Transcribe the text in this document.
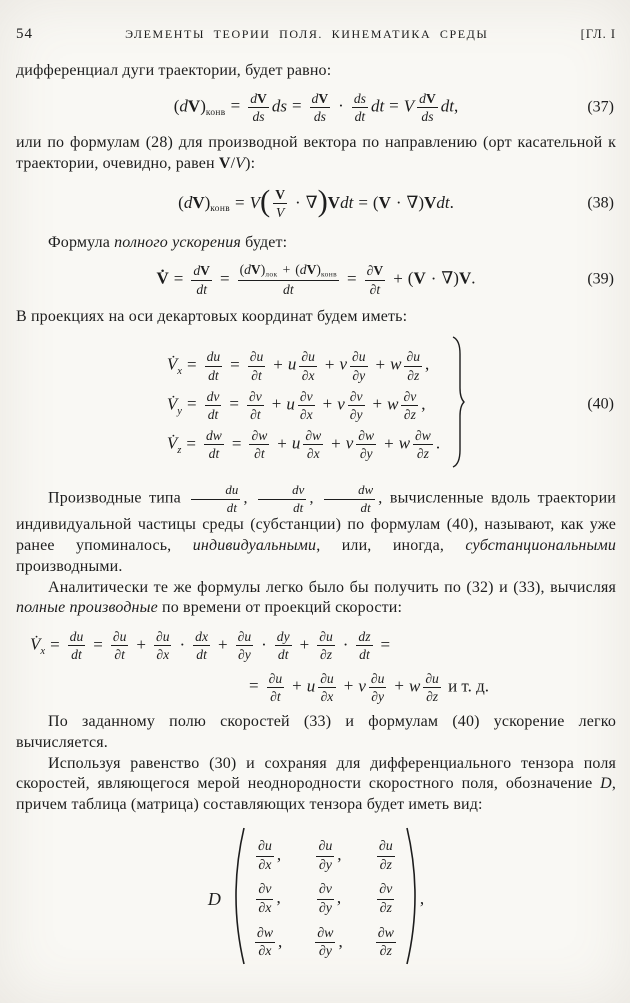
54	ЭЛЕМЕНТЫ ТЕОРИИ ПОЛЯ. КИНЕМАТИКА СРЕДЫ	[ГЛ. I

дифференциал дуги траектории, будет равно:

(dV)конв = $\frac{dV}{ds}$ ds = $\frac{dV}{ds} \cdot \frac{ds}{dt}$ dt = V $\frac{dV}{ds}$ dt,	(37)

или по формулам (28) для производной вектора по направлению (орт касательной к траектории, очевидно, равен V/V):

(dV)конв = $V( \frac{V}{V} \cdot \nabla)Vdt = (V \cdot \nabla)Vdt$.	(38)

Формула полного ускорения будет:

V̇ = $\frac{dV}{dt} = \frac{\text{(dV)лок + (dV)конв}}{dt} = \frac{\partial V}{\partial t} + (V \cdot \nabla)V$.	(39)

В проекциях на оси декартовых координат будем иметь:

$V̇_x = \frac{du}{dt} = \frac{\partial u}{\partial t} + u \frac{\partial u}{\partial x} + v \frac{\partial u}{\partial y} + w \frac{\partial u}{\partial z}$ ,
$V̇_y = \frac{dv}{dt} = \frac{\partial v}{\partial t} + u \frac{\partial v}{\partial x} + v \frac{\partial v}{\partial y} + w \frac{\partial v}{\partial z}$ ,
$V̇_z = \frac{dw}{dt} = \frac{\partial w}{\partial t} + u \frac{\partial w}{\partial x} + v \frac{\partial w}{\partial y} + w \frac{\partial w}{\partial z}$ .
(40)

Производные типа $\frac{du}{dt}$ , $\frac{dv}{dt}$ , $\frac{dw}{dt}$ , вычисленные вдоль траектории индивидуальной частицы среды (субстанции) по формулам (40), называют, как уже ранее упоминалось, индивидуальными, или, иногда, субстанциональными производными.

Аналитически те же формулы легко было бы получить по (32) и (33), вычисляя полные производные по времени от проекций скорости:

$V̇_x = \frac{du}{dt} = \frac{\partial u}{\partial t} + \frac{\partial u}{\partial x} \cdot \frac{dx}{dt} + \frac{\partial u}{\partial y} \cdot \frac{dy}{dt} + \frac{\partial u}{\partial z} \cdot \frac{dz}{dt}$ =
= $\frac{\partial u}{\partial t} + u \frac{\partial u}{\partial x} + v \frac{\partial u}{\partial y} + w \frac{\partial u}{\partial z}$ и т. д.

По заданному полю скоростей (33) и формулам (40) ускорение легко вычисляется.

Используя равенство (30) и сохраняя для дифференциального тензора поля скоростей, являющегося мерой неоднородности скоростного поля, обозначение D, причем таблица (матрица) составляющих тензора будет иметь вид:

D
$\frac{\partial u}{\partial x}$ ,	$\frac{\partial u}{\partial y}$ ,	$\frac{\partial u}{\partial z}$
$\frac{\partial v}{\partial x}$ ,	$\frac{\partial v}{\partial y}$ ,	$\frac{\partial v}{\partial z}$
$\frac{\partial w}{\partial x}$ , $\frac{\partial w}{\partial y}$ , $\frac{\partial w}{\partial z}$
,
